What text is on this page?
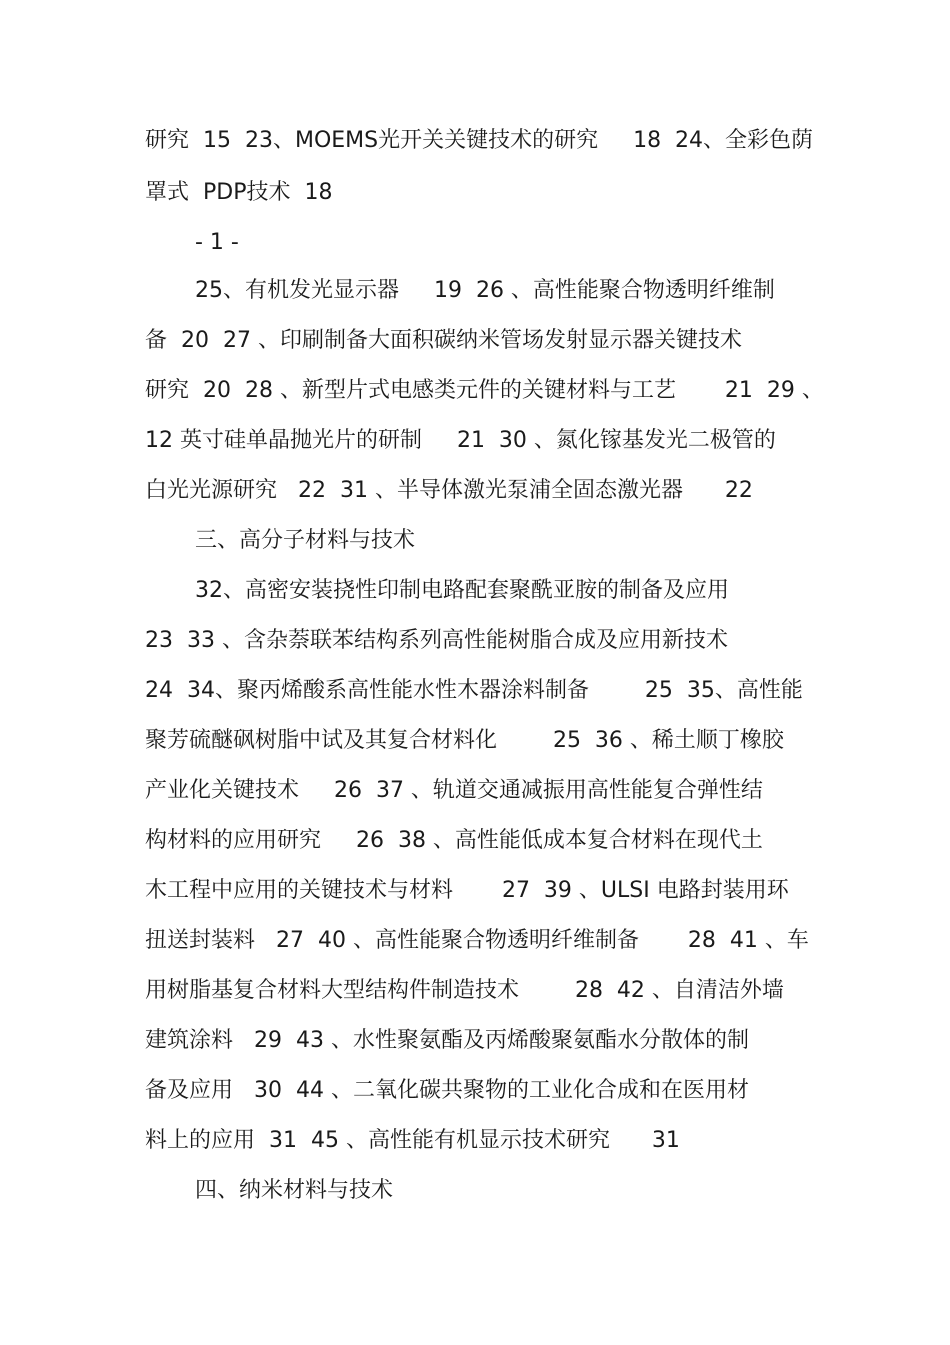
研究  15  23、MOEMS光开关关键技术的研究     18  24、全彩色荫
罩式  PDP技术  18
- 1 -
25、有机发光显示器     19  26 、高性能聚合物透明纤维制
备  20  27 、印刷制备大面积碳纳米管场发射显示器关键技术
研究  20  28 、新型片式电感类元件的关键材料与工艺       21  29 、
12 英寸硅单晶抛光片的研制     21  30 、氮化镓基发光二极管的
白光光源研究   22  31 、半导体激光泵浦全固态激光器      22
三、高分子材料与技术
32、高密安装挠性印制电路配套聚酰亚胺的制备及应用
23  33 、含杂萘联苯结构系列高性能树脂合成及应用新技术
24  34、聚丙烯酸系高性能水性木器涂料制备        25  35、高性能
聚芳硫醚砜树脂中试及其复合材料化        25  36 、稀土顺丁橡胶
产业化关键技术     26  37 、轨道交通减振用高性能复合弹性结
构材料的应用研究     26  38 、高性能低成本复合材料在现代土
木工程中应用的关键技术与材料       27  39 、ULSI 电路封装用环
扭送封装料   27  40 、高性能聚合物透明纤维制备       28  41 、车
用树脂基复合材料大型结构件制造技术        28  42 、自清洁外墙
建筑涂料   29  43 、水性聚氨酯及丙烯酸聚氨酯水分散体的制
备及应用   30  44 、二氧化碳共聚物的工业化合成和在医用材
料上的应用  31  45 、高性能有机显示技术研究      31
四、纳米材料与技术
